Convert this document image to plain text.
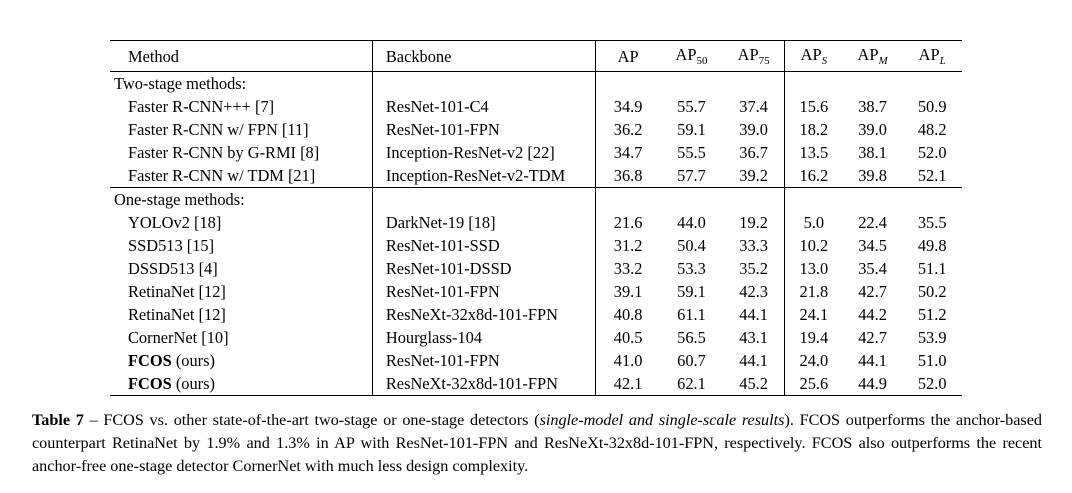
Method	Backbone	AP	$AP_{50}$	$AP_{75}$	$AP_S$	$AP_M$	$AP_L$
Two-stage methods:							
Faster R-CNN+++ [7]	ResNet-101-C4	34.9	55.7	37.4	15.6	38.7	50.9
Faster R-CNN w/ FPN [11]	ResNet-101-FPN	36.2	59.1	39.0	18.2	39.0	48.2
Faster R-CNN by G-RMI [8]	Inception-ResNet-v2 [22]	34.7	55.5	36.7	13.5	38.1	52.0
Faster R-CNN w/ TDM [21]	Inception-ResNet-v2-TDM	36.8	57.7	39.2	16.2	39.8	52.1
One-stage methods:							
YOLOv2 [18]	DarkNet-19 [18]	21.6	44.0	19.2	5.0	22.4	35.5
SSD513 [15]	ResNet-101-SSD	31.2	50.4	33.3	10.2	34.5	49.8
DSSD513 [4]	ResNet-101-DSSD	33.2	53.3	35.2	13.0	35.4	51.1
RetinaNet [12]	ResNet-101-FPN	39.1	59.1	42.3	21.8	42.7	50.2
RetinaNet [12]	ResNeXt-32x8d-101-FPN	40.8	61.1	44.1	24.1	44.2	51.2
CornerNet [10]	Hourglass-104	40.5	56.5	43.1	19.4	42.7	53.9
FCOS (ours)	ResNet-101-FPN	41.0	60.7	44.1	24.0	44.1	51.0
FCOS (ours)	ResNeXt-32x8d-101-FPN	42.1	62.1	45.2	25.6	44.9	52.0
Table 7 – FCOS vs. other state-of-the-art two-stage or one-stage detectors (single-model and single-scale results). FCOS outperforms the anchor-based counterpart RetinaNet by 1.9% and 1.3% in AP with ResNet-101-FPN and ResNeXt-32x8d-101-FPN, respectively. FCOS also outperforms the recent anchor-free one-stage detector CornerNet with much less design complexity.
